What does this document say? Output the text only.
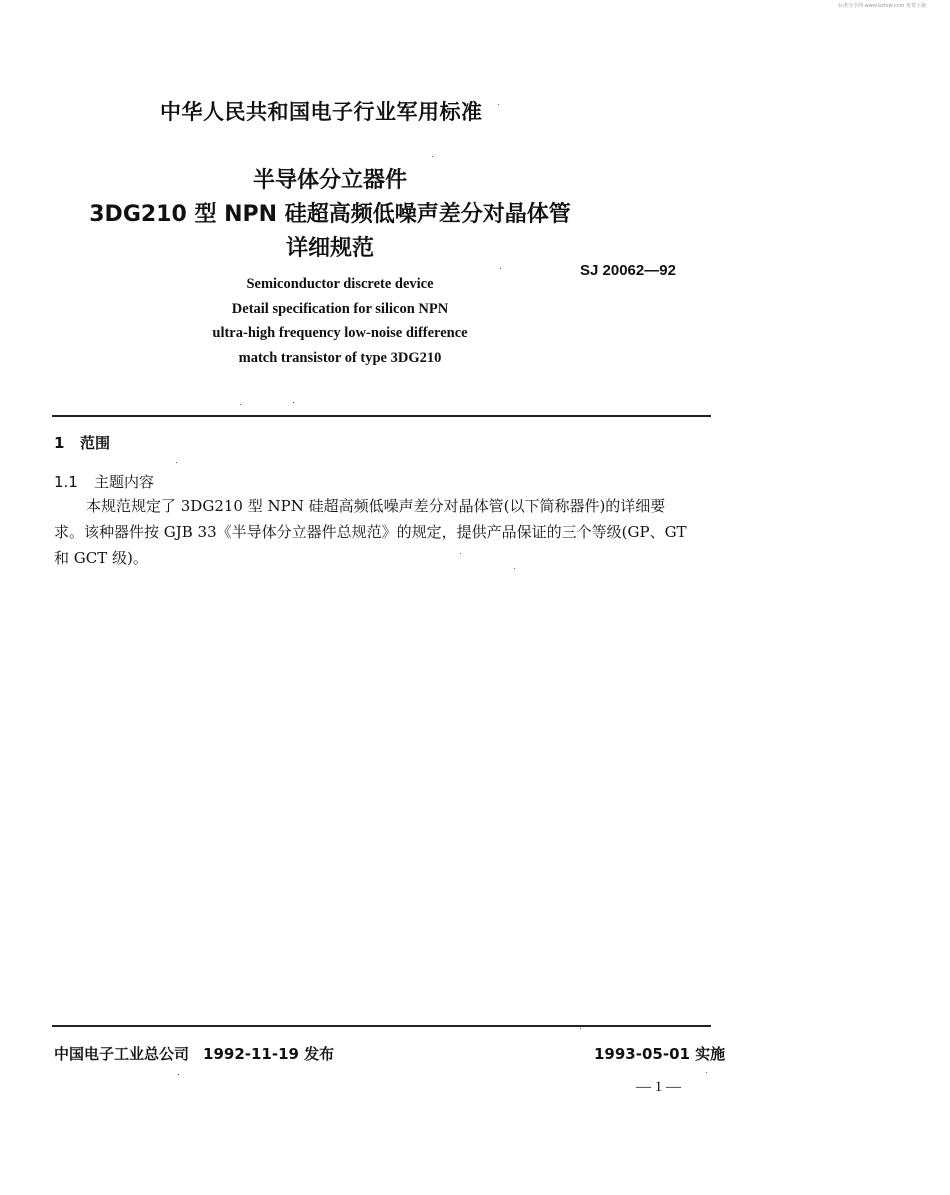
标准分享网 www.bzfxw.com 免费下载
中华人民共和国电子行业军用标准
半导体分立器件
3DG210 型 NPN 硅超高频低噪声差分对晶体管
详细规范
SJ 20062—92
Semiconductor discrete device
Detail specification for silicon NPN
ultra-high frequency low-noise difference
match transistor of type 3DG210
1 范围
1.1 主题内容
本规范规定了 3DG210 型 NPN 硅超高频低噪声差分对晶体管(以下简称器件)的详细要
求。该种器件按 GJB 33《半导体分立器件总规范》的规定，提供产品保证的三个等级(GP、GT
和 GCT 级)。
中国电子工业总公司 1992-11-19 发布	1993-05-01 实施
— 1 —
